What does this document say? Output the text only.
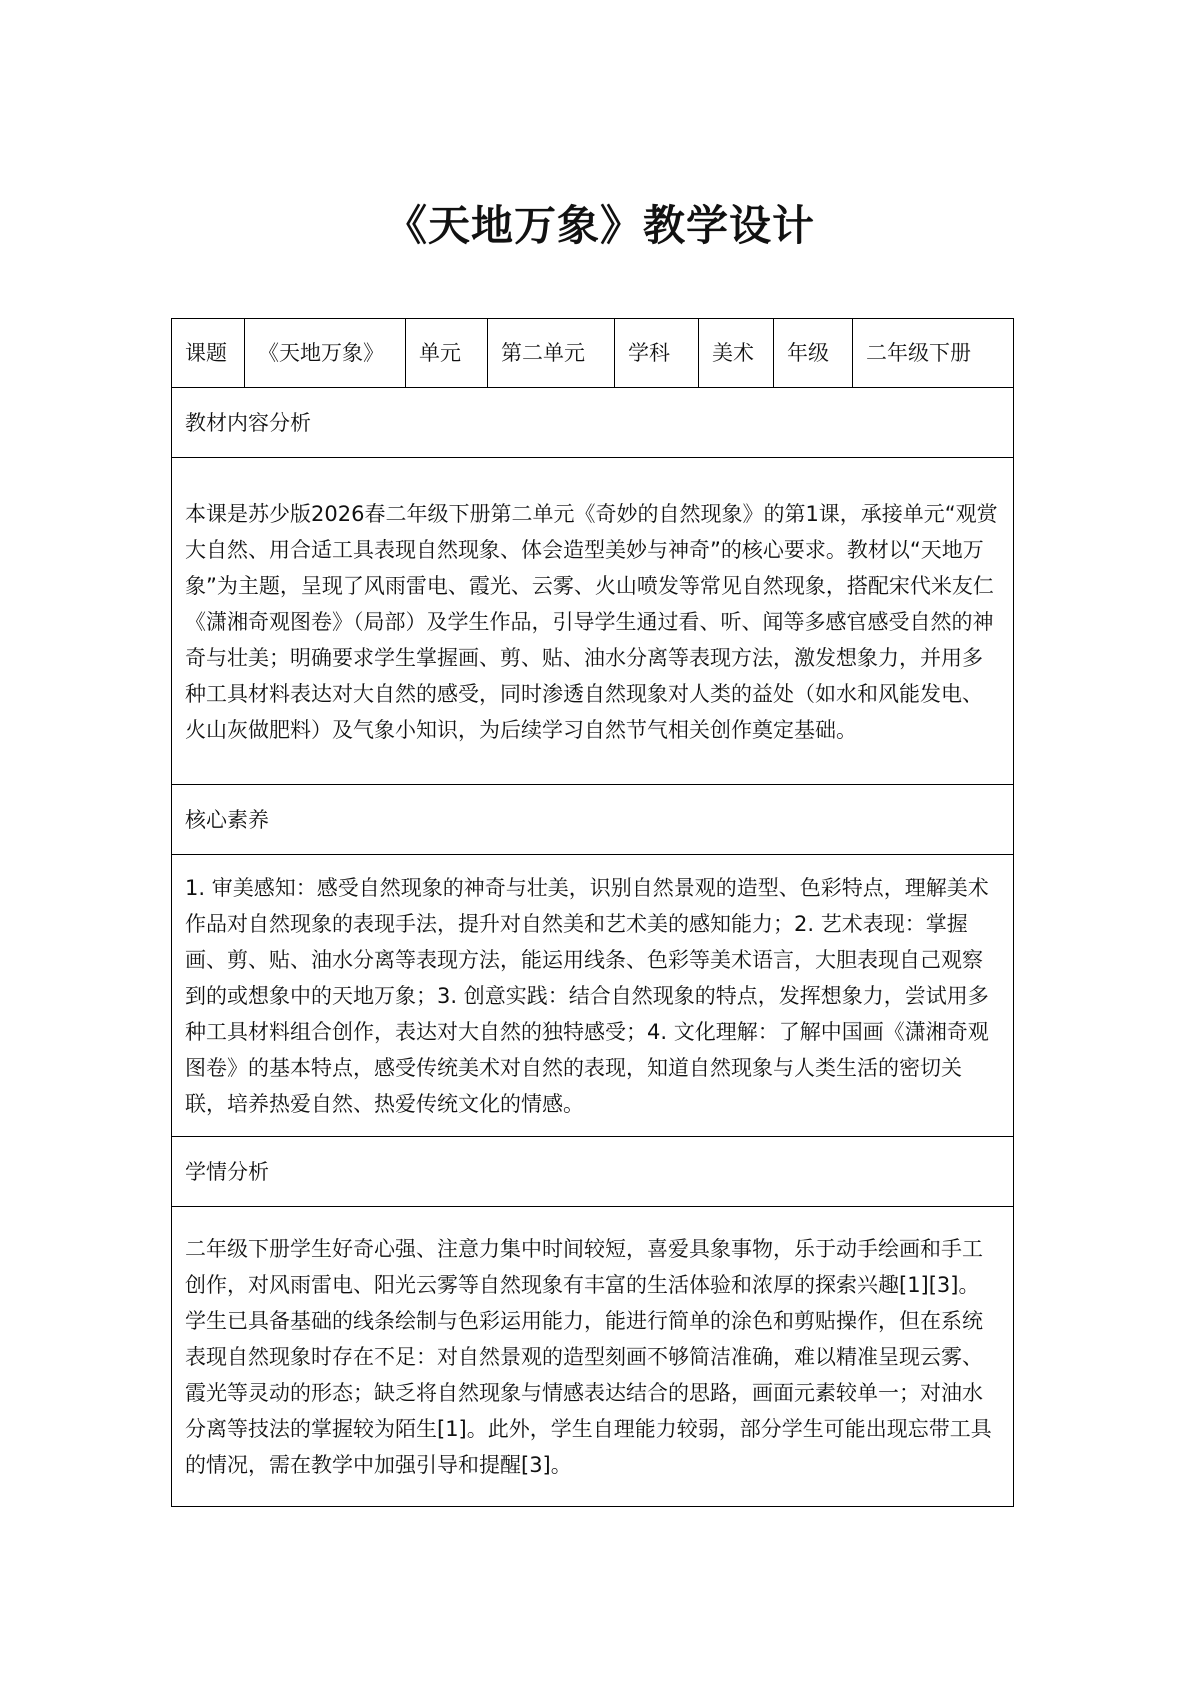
《天地万象》教学设计
课题	《天地万象》	单元	第二单元	学科	美术	年级	二年级下册
教材内容分析
本课是苏少版2026春二年级下册第二单元《奇妙的自然现象》的第1课，承接单元“观赏大自然、用合适工具表现自然现象、体会造型美妙与神奇”的核心要求。教材以“天地万象”为主题，呈现了风雨雷电、霞光、云雾、火山喷发等常见自然现象，搭配宋代米友仁《潇湘奇观图卷》（局部）及学生作品，引导学生通过看、听、闻等多感官感受自然的神奇与壮美；明确要求学生掌握画、剪、贴、油水分离等表现方法，激发想象力，并用多种工具材料表达对大自然的感受，同时渗透自然现象对人类的益处（如水和风能发电、火山灰做肥料）及气象小知识，为后续学习自然节气相关创作奠定基础。
核心素养
1. 审美感知：感受自然现象的神奇与壮美，识别自然景观的造型、色彩特点，理解美术作品对自然现象的表现手法，提升对自然美和艺术美的感知能力；2. 艺术表现：掌握画、剪、贴、油水分离等表现方法，能运用线条、色彩等美术语言，大胆表现自己观察到的或想象中的天地万象；3. 创意实践：结合自然现象的特点，发挥想象力，尝试用多种工具材料组合创作，表达对大自然的独特感受；4. 文化理解：了解中国画《潇湘奇观图卷》的基本特点，感受传统美术对自然的表现，知道自然现象与人类生活的密切关联，培养热爱自然、热爱传统文化的情感。
学情分析
二年级下册学生好奇心强、注意力集中时间较短，喜爱具象事物，乐于动手绘画和手工创作，对风雨雷电、阳光云雾等自然现象有丰富的生活体验和浓厚的探索兴趣[1][3]。学生已具备基础的线条绘制与色彩运用能力，能进行简单的涂色和剪贴操作，但在系统表现自然现象时存在不足：对自然景观的造型刻画不够简洁准确，难以精准呈现云雾、霞光等灵动的形态；缺乏将自然现象与情感表达结合的思路，画面元素较单一；对油水分离等技法的掌握较为陌生[1]。此外，学生自理能力较弱，部分学生可能出现忘带工具的情况，需在教学中加强引导和提醒[3]。
